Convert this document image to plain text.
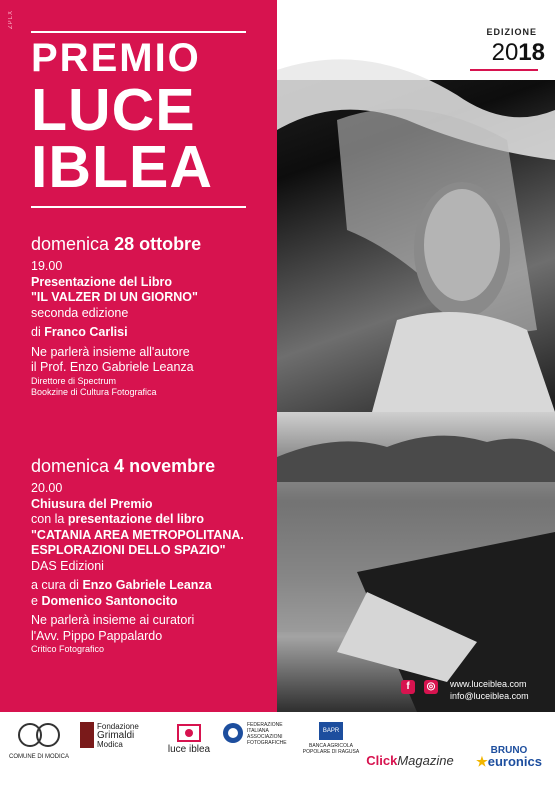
ZPLX
PREMIO
LUCE
IBLEA
domenica 28 ottobre
19.00
Presentazione del Libro
"IL VALZER DI UN GIORNO"
seconda edizione
di Franco Carlisi
Ne parlerà insieme all'autore
il Prof. Enzo Gabriele Leanza
Direttore di Spectrum
Bookzine di Cultura Fotografica
domenica 4 novembre
20.00
Chiusura del Premio
con la presentazione del libro
"CATANIA AREA METROPOLITANA.
ESPLORAZIONI DELLO SPAZIO"
DAS Edizioni
a cura di Enzo Gabriele Leanza
e Domenico Santonocito
Ne parlerà insieme ai curatori
l'Avv. Pippo Pappalardo
Critico Fotografico
EDIZIONE
2018
f	◎ www.luceiblea.com
info@luceiblea.com
COMUNE DI MODICA
Fondazione
Grimaldi
Modica	luce iblea
FEDERAZIONE
ITALIANA
ASSOCIAZIONI
FOTOGRAFICHE
BAPR
BANCA AGRICOLA
POPOLARE DI RAGUSA
ClickMagazine
BRUNO
★euronics
